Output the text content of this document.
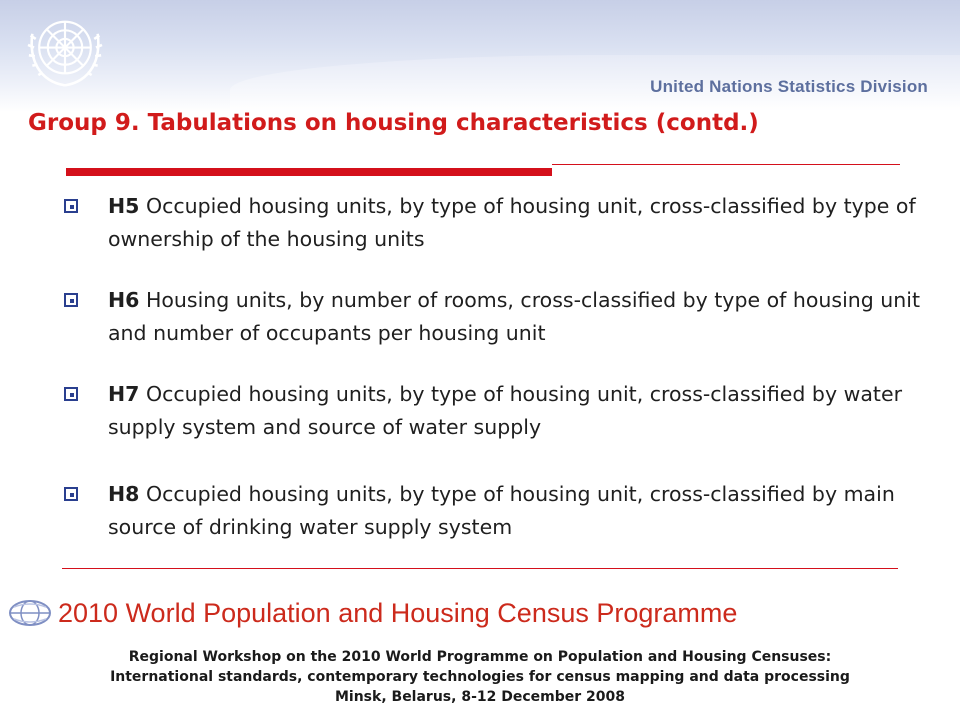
United Nations Statistics Division
Group 9. Tabulations on housing characteristics (contd.)
H5 Occupied housing units, by type of housing unit, cross-classified by type of ownership of the housing units
H6 Housing units, by number of rooms, cross-classified by type of housing unit and number of occupants per housing unit
H7 Occupied housing units, by type of housing unit, cross-classified by water supply system and source of water supply
H8 Occupied housing units, by type of housing unit, cross-classified by main source of drinking water supply system
2010 World Population and Housing Census Programme
Regional Workshop on the 2010 World Programme on Population and Housing Censuses:
International standards, contemporary technologies for census mapping and data processing
Minsk, Belarus, 8-12 December 2008
